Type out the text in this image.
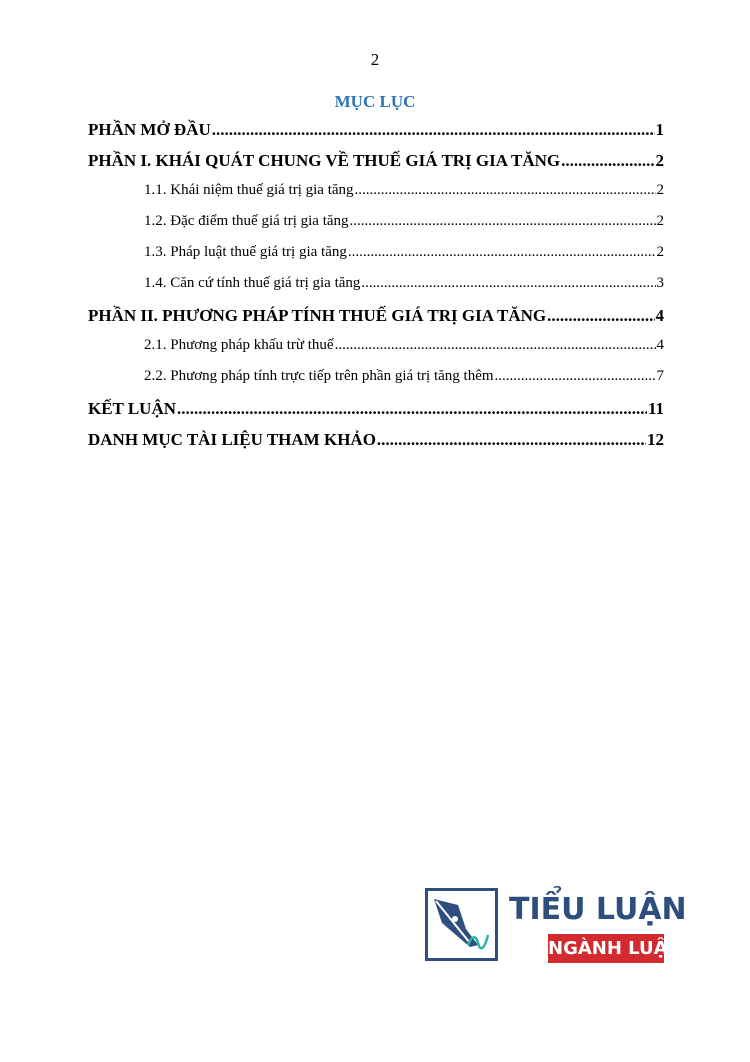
2
MỤC LỤC
PHẦN MỞ ĐẦU .....	1
PHẦN I. KHÁI QUÁT CHUNG VỀ THUẾ GIÁ TRỊ GIA TĂNG .....	2
1.1. Khái niệm thuế giá trị gia tăng .....	2
1.2. Đặc điểm thuế giá trị gia tăng .....	2
1.3. Pháp luật thuế giá trị gia tăng .....	2
1.4. Căn cứ tính thuế giá trị gia tăng .....	3
PHẦN II. PHƯƠNG PHÁP TÍNH THUẾ GIÁ TRỊ GIA TĂNG .....	4
2.1. Phương pháp khấu trừ thuế .....	4
2.2. Phương pháp tính trực tiếp trên phần giá trị tăng thêm .....	7
KẾT LUẬN .....	11
DANH MỤC TÀI LIỆU THAM KHẢO .....	12
TIỂU LUẬN
NGÀNH LUẬT
